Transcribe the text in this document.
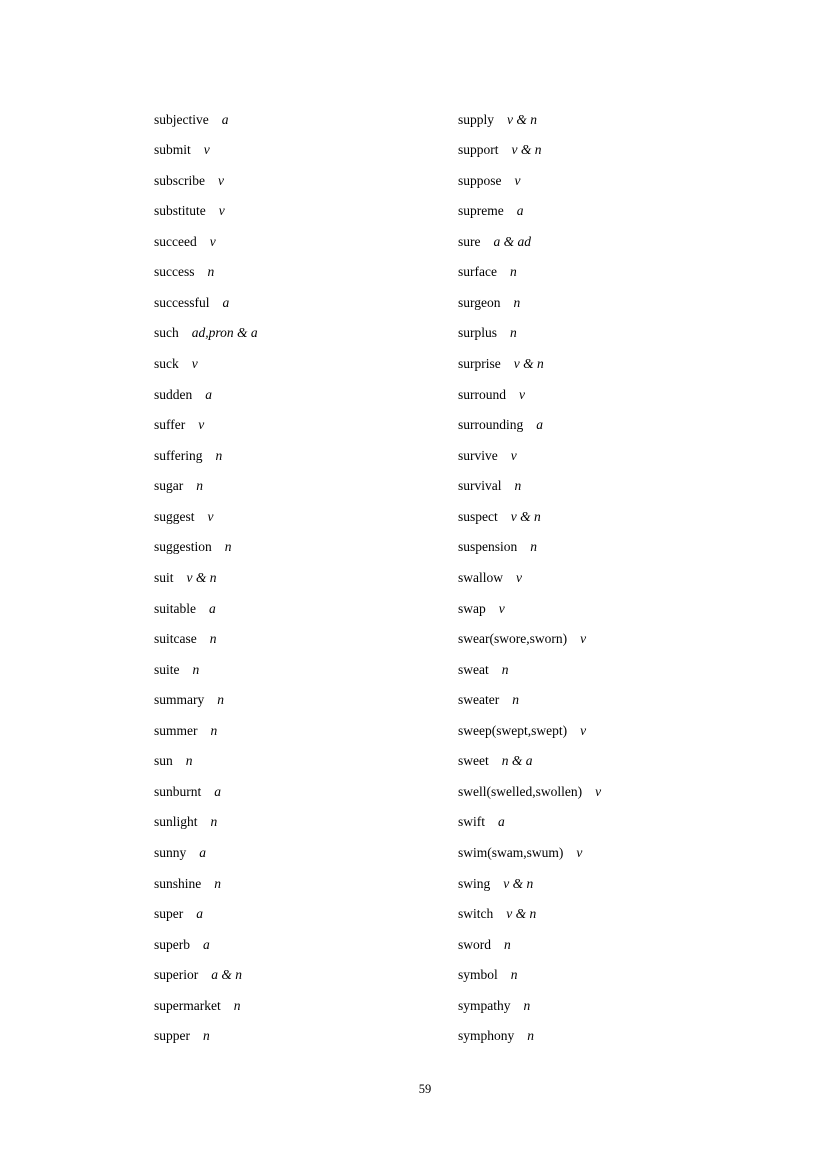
subjective a
submit v
subscribe v
substitute v
succeed v
success n
successful a
such ad,pron & a
suck v
sudden a
suffer v
suffering n
sugar n
suggest v
suggestion n
suit v & n
suitable a
suitcase n
suite n
summary n
summer n
sun n
sunburnt a
sunlight n
sunny a
sunshine n
super a
superb a
superior a & n
supermarket n
supper n
supply v & n
support v & n
suppose v
supreme a
sure a & ad
surface n
surgeon n
surplus n
surprise v & n
surround v
surrounding a
survive v
survival n
suspect v & n
suspension n
swallow v
swap v
swear(swore,sworn) v
sweat n
sweater n
sweep(swept,swept) v
sweet n & a
swell(swelled,swollen) v
swift a
swim(swam,swum) v
swing v & n
switch v & n
sword n
symbol n
sympathy n
symphony n
59
